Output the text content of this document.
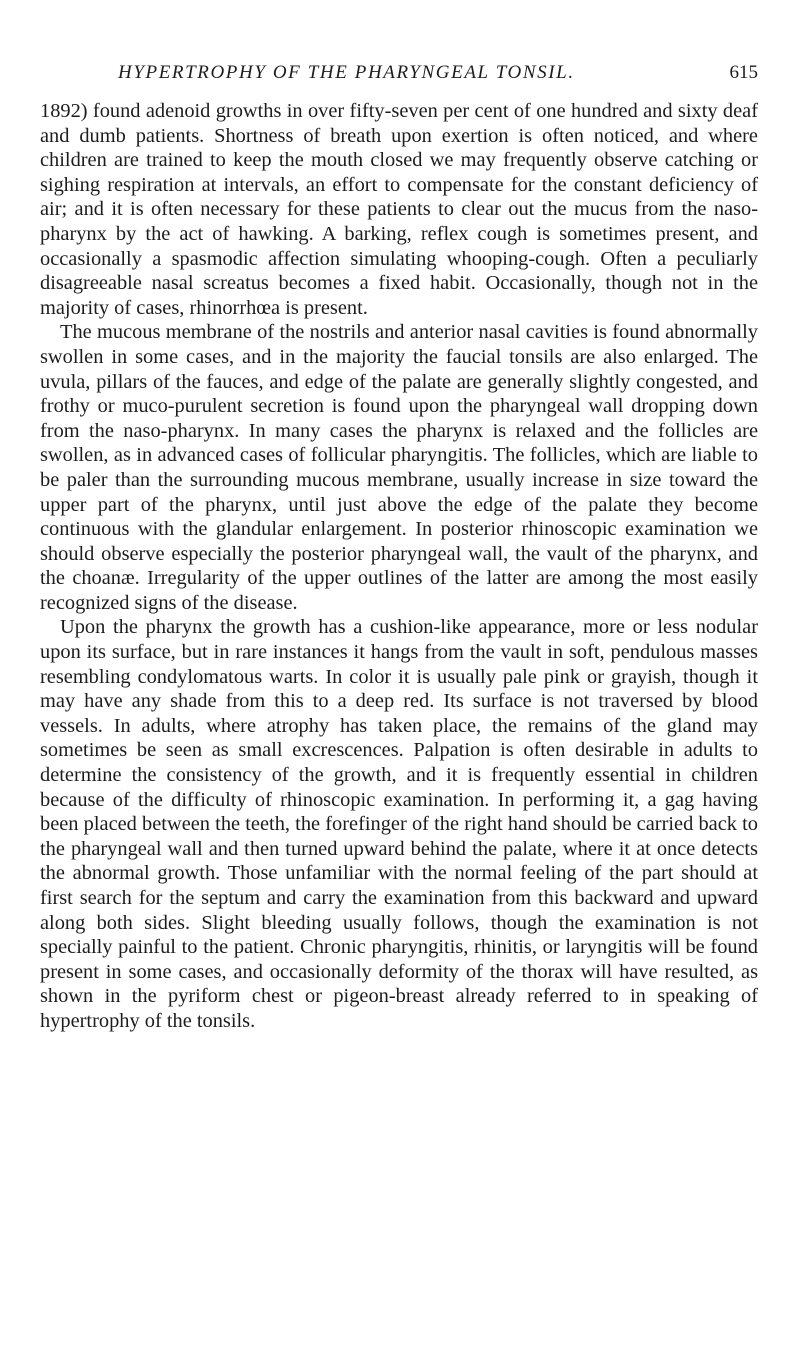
HYPERTROPHY OF THE PHARYNGEAL TONSIL.	615

1892) found adenoid growths in over fifty-seven per cent of one hundred and sixty deaf and dumb patients. Shortness of breath upon exertion is often noticed, and where children are trained to keep the mouth closed we may frequently observe catching or sighing respiration at intervals, an effort to compensate for the constant deficiency of air; and it is often necessary for these patients to clear out the mucus from the naso-pharynx by the act of hawking. A barking, reflex cough is sometimes present, and occasionally a spasmodic affection simulating whooping-cough. Often a peculiarly disagreeable nasal screatus becomes a fixed habit. Occasionally, though not in the majority of cases, rhinorrhœa is present.

The mucous membrane of the nostrils and anterior nasal cavities is found abnormally swollen in some cases, and in the majority the faucial tonsils are also enlarged. The uvula, pillars of the fauces, and edge of the palate are generally slightly congested, and frothy or muco-purulent secretion is found upon the pharyngeal wall dropping down from the naso-pharynx. In many cases the pharynx is relaxed and the follicles are swollen, as in advanced cases of follicular pharyngitis. The follicles, which are liable to be paler than the surrounding mucous membrane, usually increase in size toward the upper part of the pharynx, until just above the edge of the palate they become continuous with the glandular enlargement. In posterior rhinoscopic examination we should observe especially the posterior pharyngeal wall, the vault of the pharynx, and the choanæ. Irregularity of the upper outlines of the latter are among the most easily recognized signs of the disease.

Upon the pharynx the growth has a cushion-like appearance, more or less nodular upon its surface, but in rare instances it hangs from the vault in soft, pendulous masses resembling condylomatous warts. In color it is usually pale pink or grayish, though it may have any shade from this to a deep red. Its surface is not traversed by blood vessels. In adults, where atrophy has taken place, the remains of the gland may sometimes be seen as small excrescences. Palpation is often desirable in adults to determine the consistency of the growth, and it is frequently essential in children because of the difficulty of rhinoscopic examination. In performing it, a gag having been placed between the teeth, the forefinger of the right hand should be carried back to the pharyngeal wall and then turned upward behind the palate, where it at once detects the abnormal growth. Those unfamiliar with the normal feeling of the part should at first search for the septum and carry the examination from this backward and upward along both sides. Slight bleeding usually follows, though the examination is not specially painful to the patient. Chronic pharyngitis, rhinitis, or laryngitis will be found present in some cases, and occasionally deformity of the thorax will have resulted, as shown in the pyriform chest or pigeon-breast already referred to in speaking of hypertrophy of the tonsils.
